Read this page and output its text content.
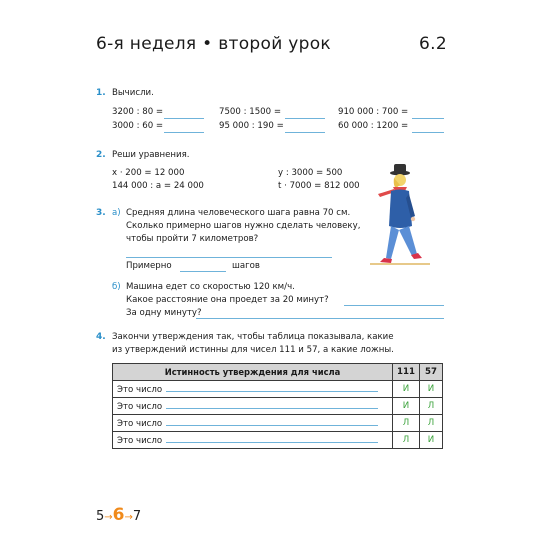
6-я неделя • второй урок	6.2
1. Вычисли.
3200 : 80 =	7500 : 1500 =	910 000 : 700 =
3000 : 60 =	95 000 : 190 =	60 000 : 1200 =
2. Реши уравнения.
x · 200 = 12 000	y : 3000 = 500
144 000 : a = 24 000	t · 7000 = 812 000
3. а) Средняя длина человеческого шага равна 70 см.
Сколько примерно шагов нужно сделать человеку,
чтобы пройти 7 километров?
Примерно	шагов
б) Машина едет со скоростью 120 км/ч.
Какое расстояние она проедет за 20 минут?
За одну минуту?
4. Закончи утверждения так, чтобы таблица показывала, какие
из утверждений истинны для чисел 111 и 57, а какие ложны.
Истинность утверждения для числа	111	57
Это число	И	И
Это число	И	Л
Это число	Л	Л
Это число	Л	И
5→6→7
